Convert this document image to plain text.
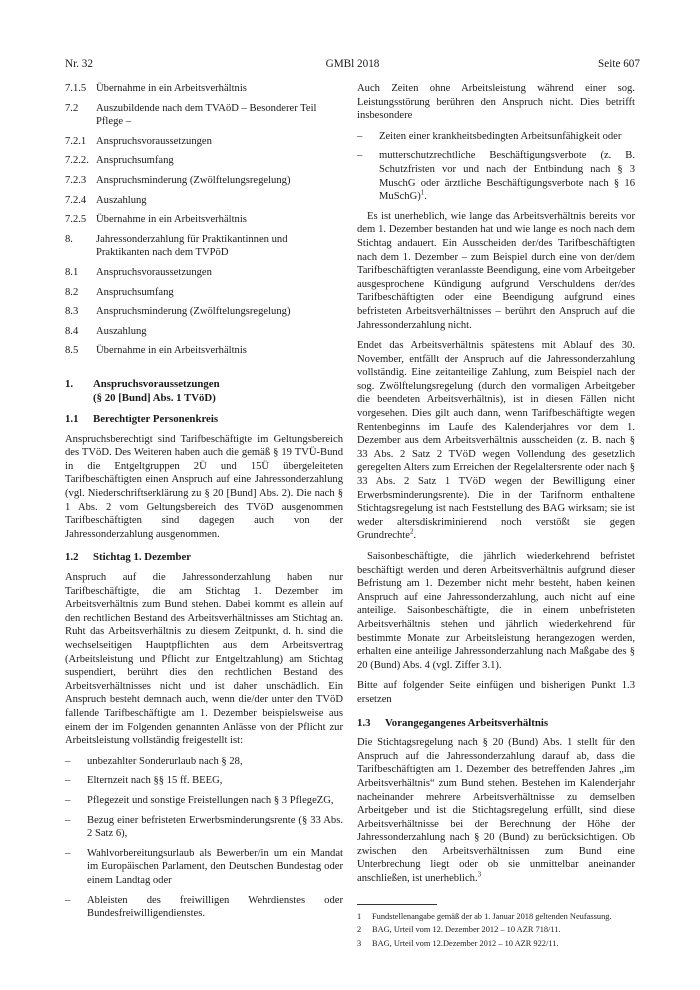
Nr. 32	GMBl 2018	Seite 607
7.1.5 Übernahme in ein Arbeitsverhältnis
7.2	Auszubildende nach dem TVAöD – Besonderer Teil Pflege –
7.2.1 Anspruchsvoraussetzungen
7.2.2. Anspruchsumfang
7.2.3 Anspruchsminderung (Zwölftelungsregelung)
7.2.4 Auszahlung
7.2.5 Übernahme in ein Arbeitsverhältnis
8.	Jahressonderzahlung für Praktikantinnen und Praktikanten nach dem TVPöD
8.1	Anspruchsvoraussetzungen
8.2	Anspruchsumfang
8.3	Anspruchsminderung (Zwölftelungsregelung)
8.4	Auszahlung
8.5	Übernahme in ein Arbeitsverhältnis
1.	Anspruchsvoraussetzungen
(§ 20 [Bund] Abs. 1 TVöD)
1.1	Berechtigter Personenkreis

Anspruchsberechtigt sind Tarifbeschäftigte im Geltungsbereich des TVöD. Des Weiteren haben auch die gemäß § 19 TVÜ-Bund in die Entgeltgruppen 2Ü und 15Ü übergeleiteten Tarifbeschäftigten einen Anspruch auf eine Jahressonderzahlung (vgl. Niederschriftserklärung zu § 20 [Bund] Abs. 2). Die nach § 1 Abs. 2 vom Geltungsbereich des TVöD ausgenommen Tarifbeschäftigten sind dagegen auch von der Jahressonderzahlung ausgenommen.

1.2	Stichtag 1. Dezember

Anspruch auf die Jahressonderzahlung haben nur Tarifbeschäftigte, die am Stichtag 1. Dezember im Arbeitsverhältnis zum Bund stehen. Dabei kommt es allein auf den rechtlichen Bestand des Arbeitsverhältnisses am Stichtag an. Ruht das Arbeitsverhältnis zu diesem Zeitpunkt, d. h. sind die wechselseitigen Hauptpflichten aus dem Arbeitsvertrag (Arbeitsleistung und Pflicht zur Entgeltzahlung) am Stichtag suspendiert, berührt dies den rechtlichen Bestand des Arbeitsverhältnisses nicht und ist daher unschädlich. Ein Anspruch besteht demnach auch, wenn die/der unter den TVöD fallende Tarifbeschäftigte am 1. Dezember beispielsweise aus einem der im Folgenden genannten Anlässe von der Pflicht zur Arbeitsleistung vollständig freigestellt ist:

–	unbezahlter Sonderurlaub nach § 28,
–	Elternzeit nach §§ 15 ff. BEEG,
–	Pflegezeit und sonstige Freistellungen nach § 3 PflegeZG,
–	Bezug einer befristeten Erwerbsminderungsrente (§ 33 Abs. 2 Satz 6),
–	Wahlvorbereitungsurlaub als Bewerber/in um ein Mandat im Europäischen Parlament, den Deutschen Bundestag oder einem Landtag oder
–	Ableisten des freiwilligen Wehrdienstes oder Bundesfreiwilligendienstes.

Auch Zeiten ohne Arbeitsleistung während einer sog. Leistungsstörung berühren den Anspruch nicht. Dies betrifft insbesondere

–	Zeiten einer krankheitsbedingten Arbeitsunfähigkeit oder
–	mutterschutzrechtliche Beschäftigungsverbote (z. B. Schutzfristen vor und nach der Entbindung nach § 3 MuschG oder ärztliche Beschäftigungsverbote nach § 16 MuSchG)$^1$.

Es ist unerheblich, wie lange das Arbeitsverhältnis bereits vor dem 1. Dezember bestanden hat und wie lange es noch nach dem Stichtag andauert. Ein Ausscheiden der/des Tarifbeschäftigten nach dem 1. Dezember – zum Beispiel durch eine von der/dem Tarifbeschäftigten veranlasste Beendigung, eine vom Arbeitgeber ausgesprochene Kündigung aufgrund Verschuldens der/des Tarifbeschäftigten oder eine Beendigung aufgrund eines befristeten Arbeitsverhältnisses – berührt den Anspruch auf die Jahressonderzahlung nicht.

Endet das Arbeitsverhältnis spätestens mit Ablauf des 30. November, entfällt der Anspruch auf die Jahressonderzahlung vollständig. Eine zeitanteilige Zahlung, zum Beispiel nach der sog. Zwölftelungsregelung (durch den vormaligen Arbeitgeber die beendeten Arbeitsverhältnis), ist in diesen Fällen nicht vorgesehen. Dies gilt auch dann, wenn Tarifbeschäftigte wegen Rentenbeginns im Laufe des Kalenderjahres vor dem 1. Dezember aus dem Arbeitsverhältnis ausscheiden (z. B. nach § 33 Abs. 2 Satz 2 TVöD wegen Vollendung des gesetzlich geregelten Alters zum Erreichen der Regelaltersrente oder nach § 33 Abs. 2 Satz 1 TVöD wegen der Bewilligung einer Erwerbsminderungsrente). Die in der Tarifnorm enthaltene Stichtagsregelung ist nach Feststellung des BAG wirksam; sie ist weder altersdiskriminierend noch verstößt sie gegen Grundrechte$^2$.

Saisonbeschäftigte, die jährlich wiederkehrend befristet beschäftigt werden und deren Arbeitsverhältnis aufgrund dieser Befristung am 1. Dezember nicht mehr besteht, haben keinen Anspruch auf eine Jahressonderzahlung, auch nicht auf eine anteilige. Saisonbeschäftigte, die in einem unbefristeten Arbeitsverhältnis stehen und jährlich wiederkehrend für bestimmte Monate zur Arbeitsleistung herangezogen werden, erhalten eine anteilige Jahressonderzahlung nach Maßgabe des § 20 (Bund) Abs. 4 (vgl. Ziffer 3.1).

Bitte auf folgender Seite einfügen und bisherigen Punkt 1.3 ersetzen

1.3	Vorangegangenes Arbeitsverhältnis

Die Stichtagsregelung nach § 20 (Bund) Abs. 1 stellt für den Anspruch auf die Jahressonderzahlung darauf ab, dass die Tarifbeschäftigten am 1. Dezember des betreffenden Jahres „im Arbeitsverhältnis“ zum Bund stehen. Bestehen im Kalenderjahr nacheinander mehrere Arbeitsverhältnisse zu demselben Arbeitgeber und ist die Stichtagsregelung erfüllt, sind diese Arbeitsverhältnisse bei der Berechnung der Höhe der Jahressonderzahlung nach § 20 (Bund) zu berücksichtigen. Ob zwischen den Arbeitsverhältnissen zum Bund eine Unterbrechung liegt oder ob sie unmittelbar aneinander anschließen, ist unerheblich.$^3$

1	Fundstellenangabe gemäß der ab 1. Januar 2018 geltenden Neufassung.
2	BAG, Urteil vom 12. Dezember 2012 – 10 AZR 718/11.
3	BAG, Urteil vom 12.Dezember 2012 – 10 AZR 922/11.
